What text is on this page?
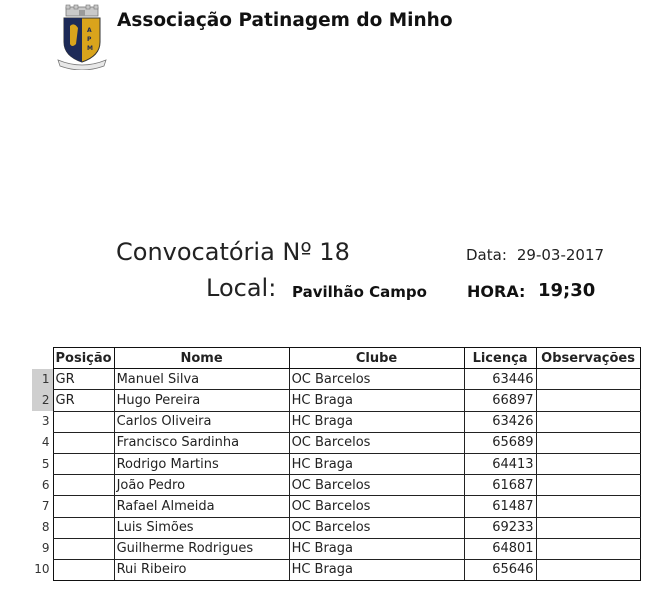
A
P
M
Associação Patinagem do Minho
Convocatória Nº 18	Data: 29-03-2017
Local: Pavilhão Campo	HORA: 19;30
	Posição	Nome	Clube	Licença	Observações
1	GR	Manuel Silva	OC Barcelos	63446	
2	GR	Hugo Pereira	HC Braga	66897	
3		Carlos Oliveira	HC Braga	63426	
4		Francisco Sardinha	OC Barcelos	65689	
5		Rodrigo Martins	HC Braga	64413	
6		João Pedro	OC Barcelos	61687	
7		Rafael Almeida	OC Barcelos	61487	
8		Luis Simões	OC Barcelos	69233	
9		Guilherme Rodrigues	HC Braga	64801	
10		Rui Ribeiro	HC Braga	65646	
